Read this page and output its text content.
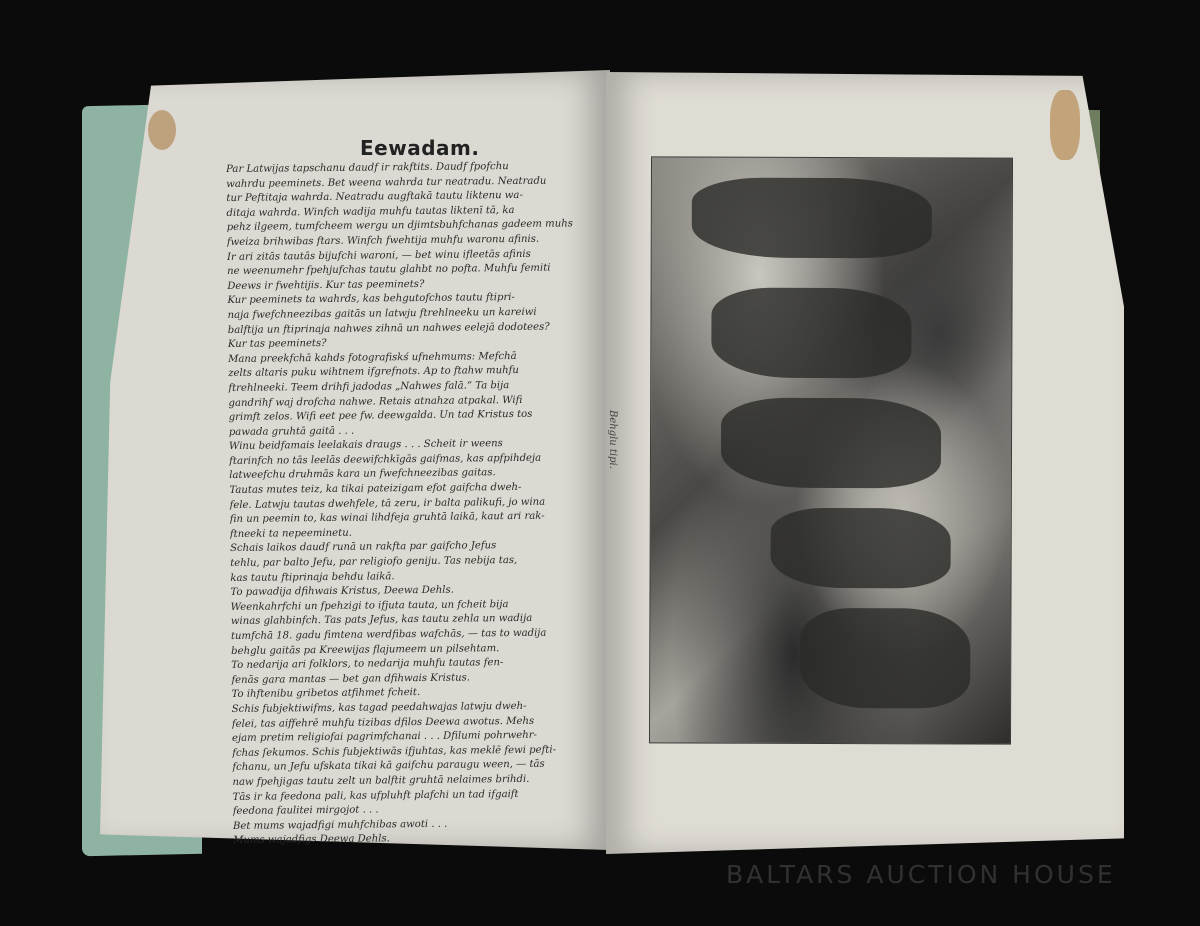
Eewadam.
Par Latwijas tapschanu daudf ir rakftits. Daudf fpofchu
wahrdu peeminets. Bet weena wahrda tur neatradu. Neatradu
tur Peftitaja wahrda. Neatradu augftakā tautu liktenu wa-
ditaja wahrda. Winfch wadija muhfu tautas liktenī tā, ka
pehz ilgeem, tumfcheem wergu un djimtsbuhfchanas gadeem muhs
fweiza brihwibas ftars. Winfch fwehtija muhfu waronu afinis.
Ir ari zitās tautās bijufchi waroni, — bet winu ifleetās afinis
ne weenumehr fpehjufchas tautu glahbt no pofta. Muhfu femiti
Deews ir fwehtijis. Kur tas peeminets?
Kur peeminets ta wahrds, kas behgutofchos tautu ftipri-
naja fwefchneezibas gaitās un latwju ftrehlneeku un kareiwi
balftija un ftiprinaja nahwes zihnā un nahwes eelejā dodotees?
Kur tas peeminets?
Mana preekfchā kahds fotografiskś ufnehmums: Mefchā
zelts altaris puku wihtnem ifgrefnots. Ap to ftahw muhfu
ftrehlneeki. Teem drihfi jadodas „Nahwes falā.“ Ta bija
gandrihf waj drofcha nahwe. Retais atnahza atpakal. Wifi
grimft zelos. Wifi eet pee fw. deewgalda. Un tad Kristus tos
pawada gruhtā gaitā . . .
Winu beidfamais leelakais draugs . . . Scheit ir weens
ftarinfch no tās leelās deewifchkīgās gaifmas, kas apfpihdeja
latweefchu druhmās kara un fwefchneezibas gaitas.
Tautas mutes teiz, ka tikai pateizigam efot gaifcha dweh-
fele. Latwju tautas dwehfele, tā zeru, ir balta palikufi, jo wina
fin un peemin to, kas winai lihdfeja gruhtā laikā, kaut ari rak-
ftneeki ta nepeeminetu.
Schais laikos daudf runā un rakfta par gaifcho Jefus
tehlu, par balto Jefu, par religiofo geniju. Tas nebija tas,
kas tautu ftiprinaja behdu laikā.
To pawadija dfihwais Kristus, Deewa Dehls.
Weenkahrfchi un fpehzigi to ifjuta tauta, un fcheit bija
winas glahbinfch. Tas pats Jefus, kas tautu zehla un wadija
tumfchā 18. gadu fimtena werdfibas wafchās, — tas to wadija
behglu gaitās pa Kreewijas flajumeem un pilsehtam.
To nedarija ari folklors, to nedarija muhfu tautas fen-
fenās gara mantas — bet gan dfihwais Kristus.
To ihftenibu gribetos atfihmet fcheit.
Schis fubjektiwifms, kas tagad peedahwajas latwju dweh-
felei, tas aiffehrē muhfu tizibas dfilos Deewa awotus. Mehs
ejam pretim religiofai pagrimfchanai . . . Dfilumi pohrwehr-
fchas ſekumos. Schis fubjektiwās ifjuhtas, kas meklē fewi pefti-
fchanu, un Jefu ufskata tikai kā gaifchu paraugu ween, — tās
naw fpehjigas tautu zelt un balftit gruhtā nelaimes brihdi.
Tās ir ka feedona pali, kas ufpluhft plafchi un tad ifgaift
feedona faulitei mirgojot . . .
Bet mums wajadfigi muhfchibas awoti . . .
Mums wajadfigs Deewa Dehls.
Behglu tipi.
BALTARS AUCTION HOUSE
